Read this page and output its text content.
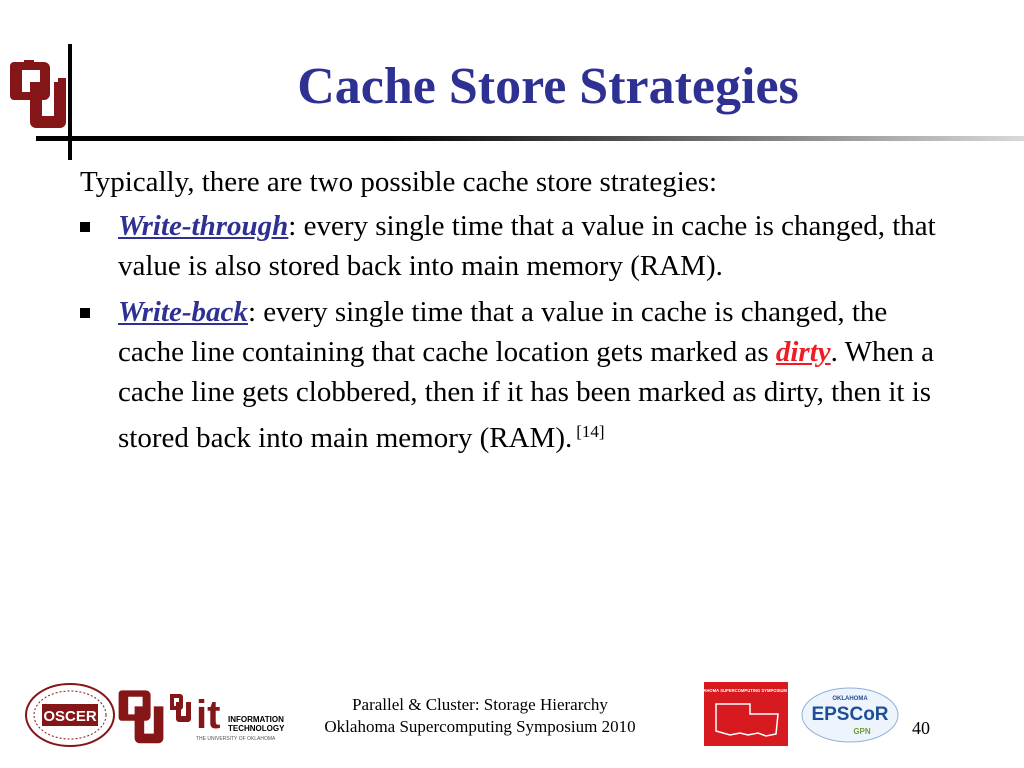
Cache Store Strategies

Typically, there are two possible cache store strategies:

Write-through: every single time that a value in cache is changed, that value is also stored back into main memory (RAM).
Write-back: every single time that a value in cache is changed, the cache line containing that cache location gets marked as dirty. When a cache line gets clobbered, then if it has been marked as dirty, then it is stored back into main memory (RAM). [14]
OSCER it INFORMATION
TECHNOLOGY
THE UNIVERSITY OF OKLAHOMA
Parallel & Cluster: Storage Hierarchy
Oklahoma Supercomputing Symposium 2010
OKLAHOMA SUPERCOMPUTING SYMPOSIUM 2010
OKLAHOMA
EPSCoR
GPN 40
